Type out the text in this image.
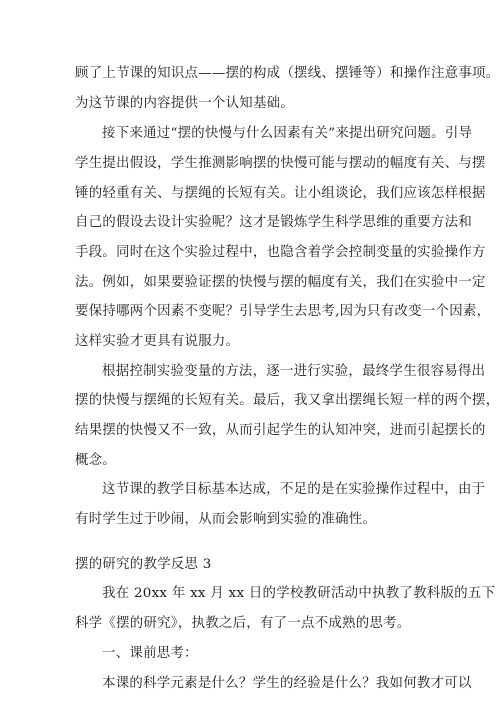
顾了上节课的知识点——摆的构成（摆线、摆锤等）和操作注意事项。
为这节课的内容提供一个认知基础。
接下来通过“摆的快慢与什么因素有关”来提出研究问题。引导
学生提出假设，学生推测影响摆的快慢可能与摆动的幅度有关、与摆
锤的轻重有关、与摆绳的长短有关。让小组谈论，我们应该怎样根据
自己的假设去设计实验呢？这才是锻炼学生科学思维的重要方法和
手段。同时在这个实验过程中，也隐含着学会控制变量的实验操作方
法。例如，如果要验证摆的快慢与摆的幅度有关，我们在实验中一定
要保持哪两个因素不变呢？引导学生去思考,因为只有改变一个因素，
这样实验才更具有说服力。
根据控制实验变量的方法，逐一进行实验，最终学生很容易得出
摆的快慢与摆绳的长短有关。最后，我又拿出摆绳长短一样的两个摆，
结果摆的快慢又不一致，从而引起学生的认知冲突，进而引起摆长的
概念。
这节课的教学目标基本达成，不足的是在实验操作过程中，由于
有时学生过于吵闹，从而会影响到实验的准确性。
摆的研究的教学反思 3
我在 20xx 年 xx 月 xx 日的学校教研活动中执教了教科版的五下
科学《摆的研究》，执教之后，有了一点不成熟的思考。
一、课前思考：
本课的科学元素是什么？学生的经验是什么？我如何教才可以
